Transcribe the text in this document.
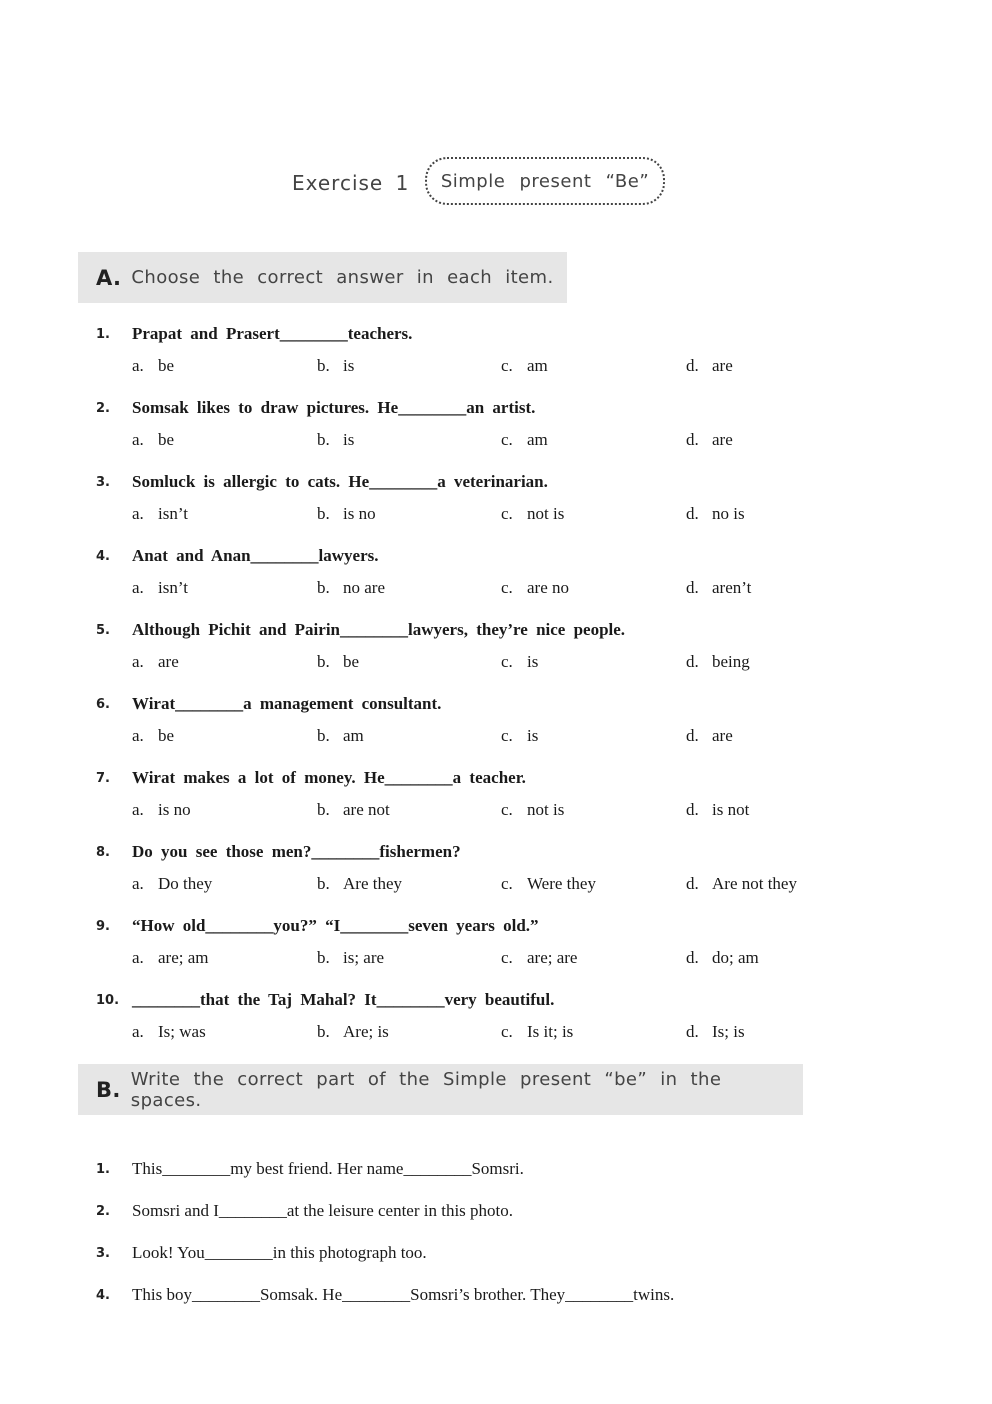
Exercise 1	Simple present “Be”
A. Choose the correct answer in each item.
1. Prapat and Prasert________teachers.
a. be	b. is	c. am	d. are
2. Somsak likes to draw pictures. He________an artist.
a. be	b. is	c. am	d. are
3. Somluck is allergic to cats. He________a veterinarian.
a. isn’t	b. is no	c. not is	d. no is
4. Anat and Anan________lawyers.
a. isn’t	b. no are	c. are no	d. aren’t
5. Although Pichit and Pairin________lawyers, they’re nice people.
a. are	b. be	c. is	d. being
6. Wirat________a management consultant.
a. be	b. am	c. is	d. are
7. Wirat makes a lot of money. He________a teacher.
a. is no	b. are not	c. not is	d. is not
8. Do you see those men?________fishermen?
a. Do they	b. Are they	c. Were they	d. Are not they
9. “How old________you?” “I________seven years old.”
a. are; am	b. is; are	c. are; are	d. do; am
10. ________that the Taj Mahal? It________very beautiful.
a. Is; was	b. Are; is	c. Is it; is	d. Is; is
B. Write the correct part of the Simple present “be” in the spaces.
1. This________my best friend. Her name________Somsri.
2. Somsri and I________at the leisure center in this photo.
3. Look! You________in this photograph too.
4. This boy________Somsak. He________Somsri’s brother. They________twins.
